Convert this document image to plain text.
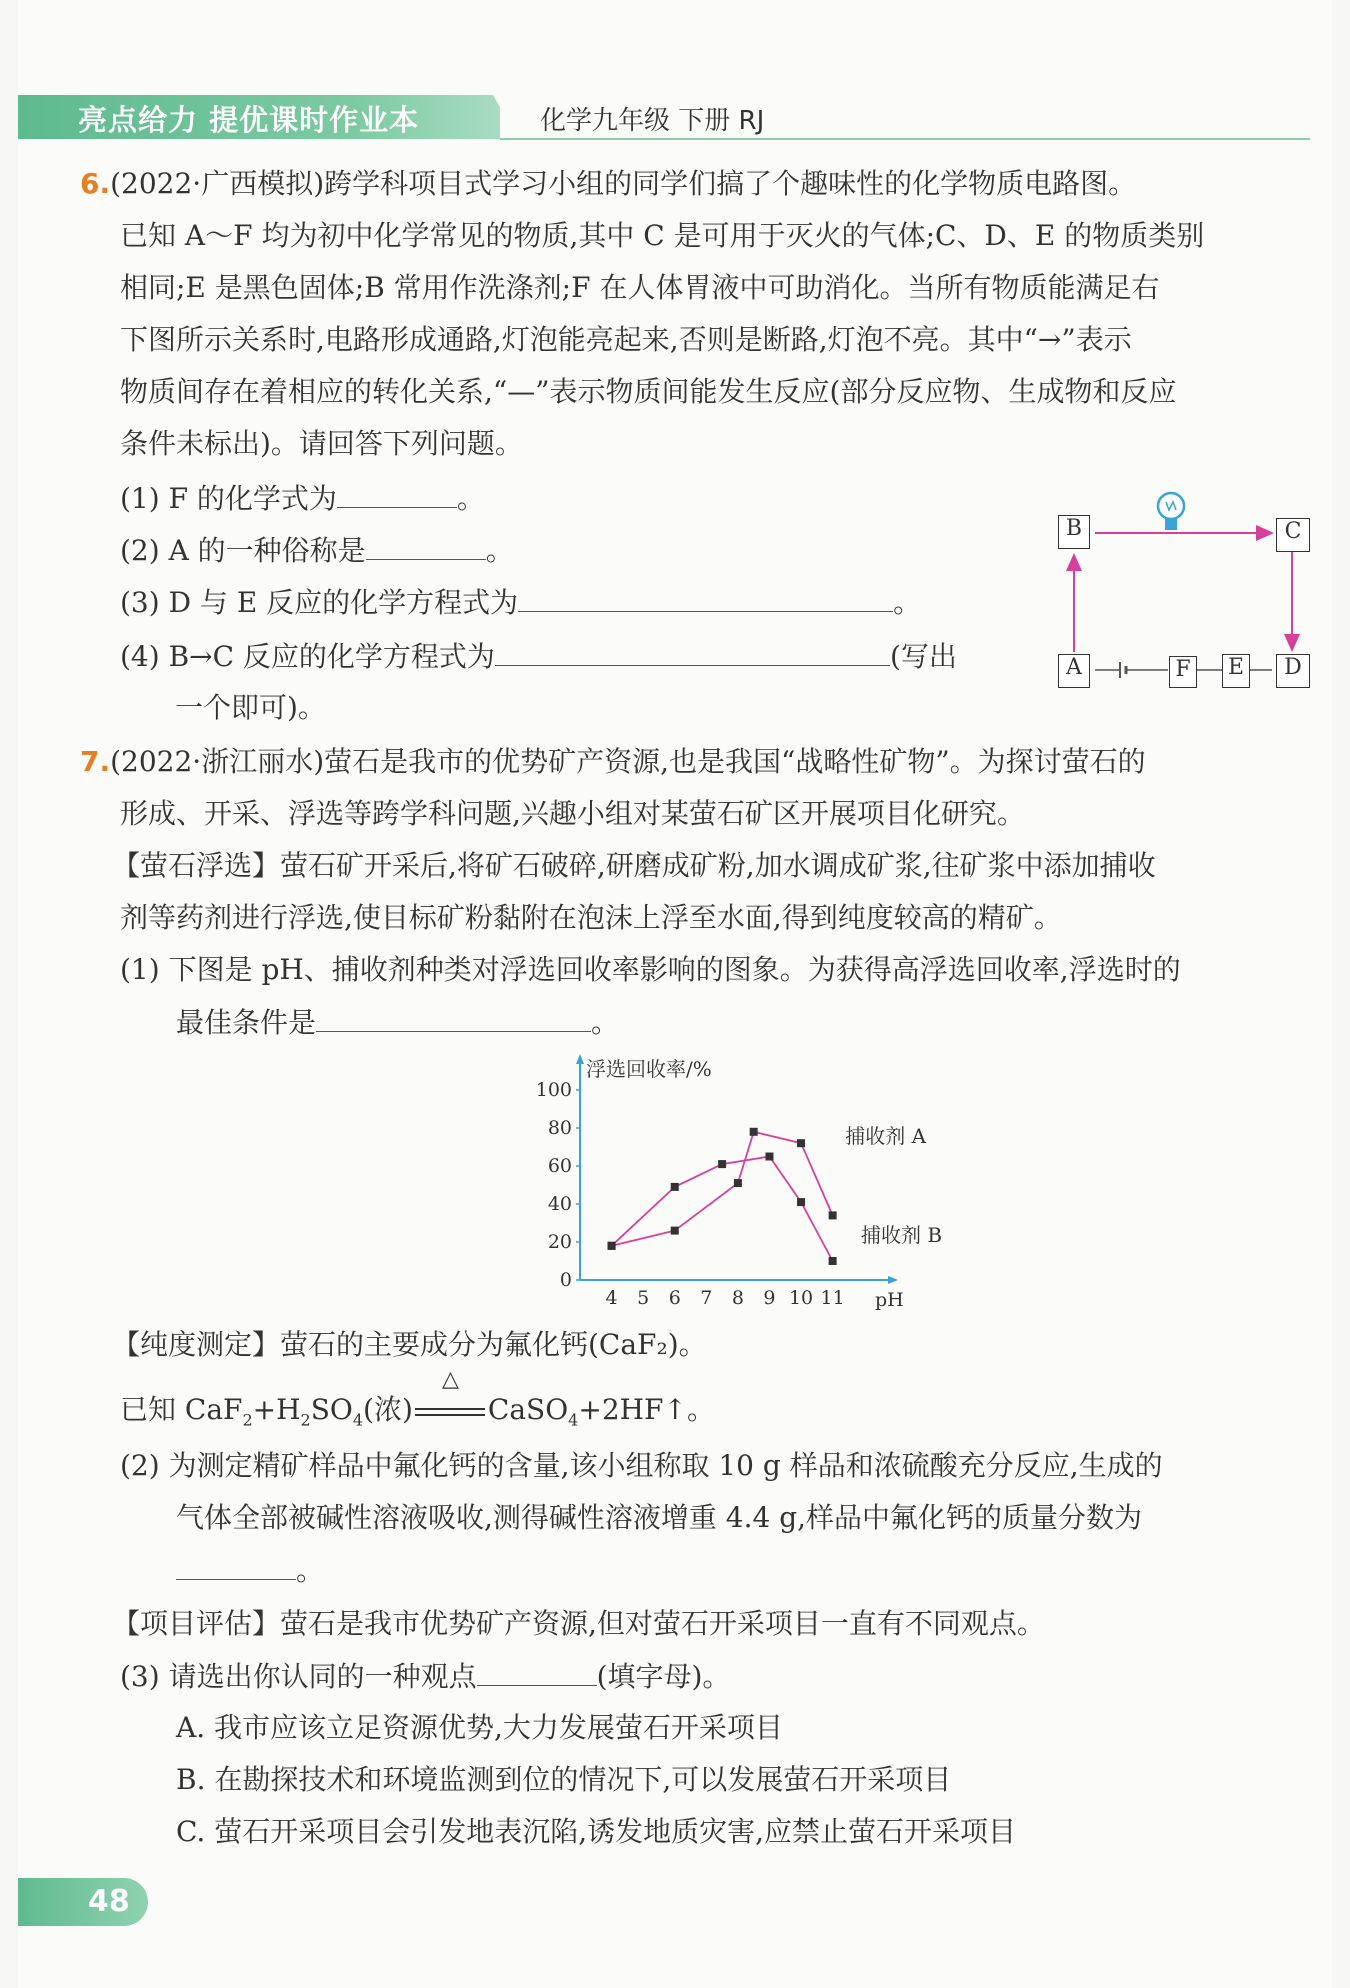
亮点给力 提优课时作业本	化学九年级 下册 RJ
6.(2022·广西模拟)跨学科项目式学习小组的同学们搞了个趣味性的化学物质电路图。
已知 A～F 均为初中化学常见的物质,其中 C 是可用于灭火的气体;C、D、E 的物质类别
相同;E 是黑色固体;B 常用作洗涤剂;F 在人体胃液中可助消化。当所有物质能满足右
下图所示关系时,电路形成通路,灯泡能亮起来,否则是断路,灯泡不亮。其中“→”表示
物质间存在着相应的转化关系,“—”表示物质间能发生反应(部分反应物、生成物和反应
条件未标出)。请回答下列问题。
(1) F 的化学式为	。
(2) A 的一种俗称是	。
(3) D 与 E 反应的化学方程式为	。
(4) B→C 反应的化学方程式为	(写出
一个即可)。
B	C
A	F E	D
7.(2022·浙江丽水)萤石是我市的优势矿产资源,也是我国“战略性矿物”。为探讨萤石的
形成、开采、浮选等跨学科问题,兴趣小组对某萤石矿区开展项目化研究。
【萤石浮选】萤石矿开采后,将矿石破碎,研磨成矿粉,加水调成矿浆,往矿浆中添加捕收
剂等药剂进行浮选,使目标矿粉黏附在泡沫上浮至水面,得到纯度较高的精矿。
(1) 下图是 pH、捕收剂种类对浮选回收率影响的图象。为获得高浮选回收率,浮选时的
最佳条件是	。
0
20
40
60
80
100
4 5 6 7 8 9 10 11 pH
浮选回收率/%
捕收剂 A
捕收剂 B
【纯度测定】萤石的主要成分为氟化钙(CaF₂)。
已知 $CaF_2+H_2SO_4$(浓)
△
CaSO$_4$+2HF↑。
(2) 为测定精矿样品中氟化钙的含量,该小组称取 10 g 样品和浓硫酸充分反应,生成的
气体全部被碱性溶液吸收,测得碱性溶液增重 4.4 g,样品中氟化钙的质量分数为
。
【项目评估】萤石是我市优势矿产资源,但对萤石开采项目一直有不同观点。
(3) 请选出你认同的一种观点	(填字母)。
A. 我市应该立足资源优势,大力发展萤石开采项目
B. 在勘探技术和环境监测到位的情况下,可以发展萤石开采项目
C. 萤石开采项目会引发地表沉陷,诱发地质灾害,应禁止萤石开采项目
48
